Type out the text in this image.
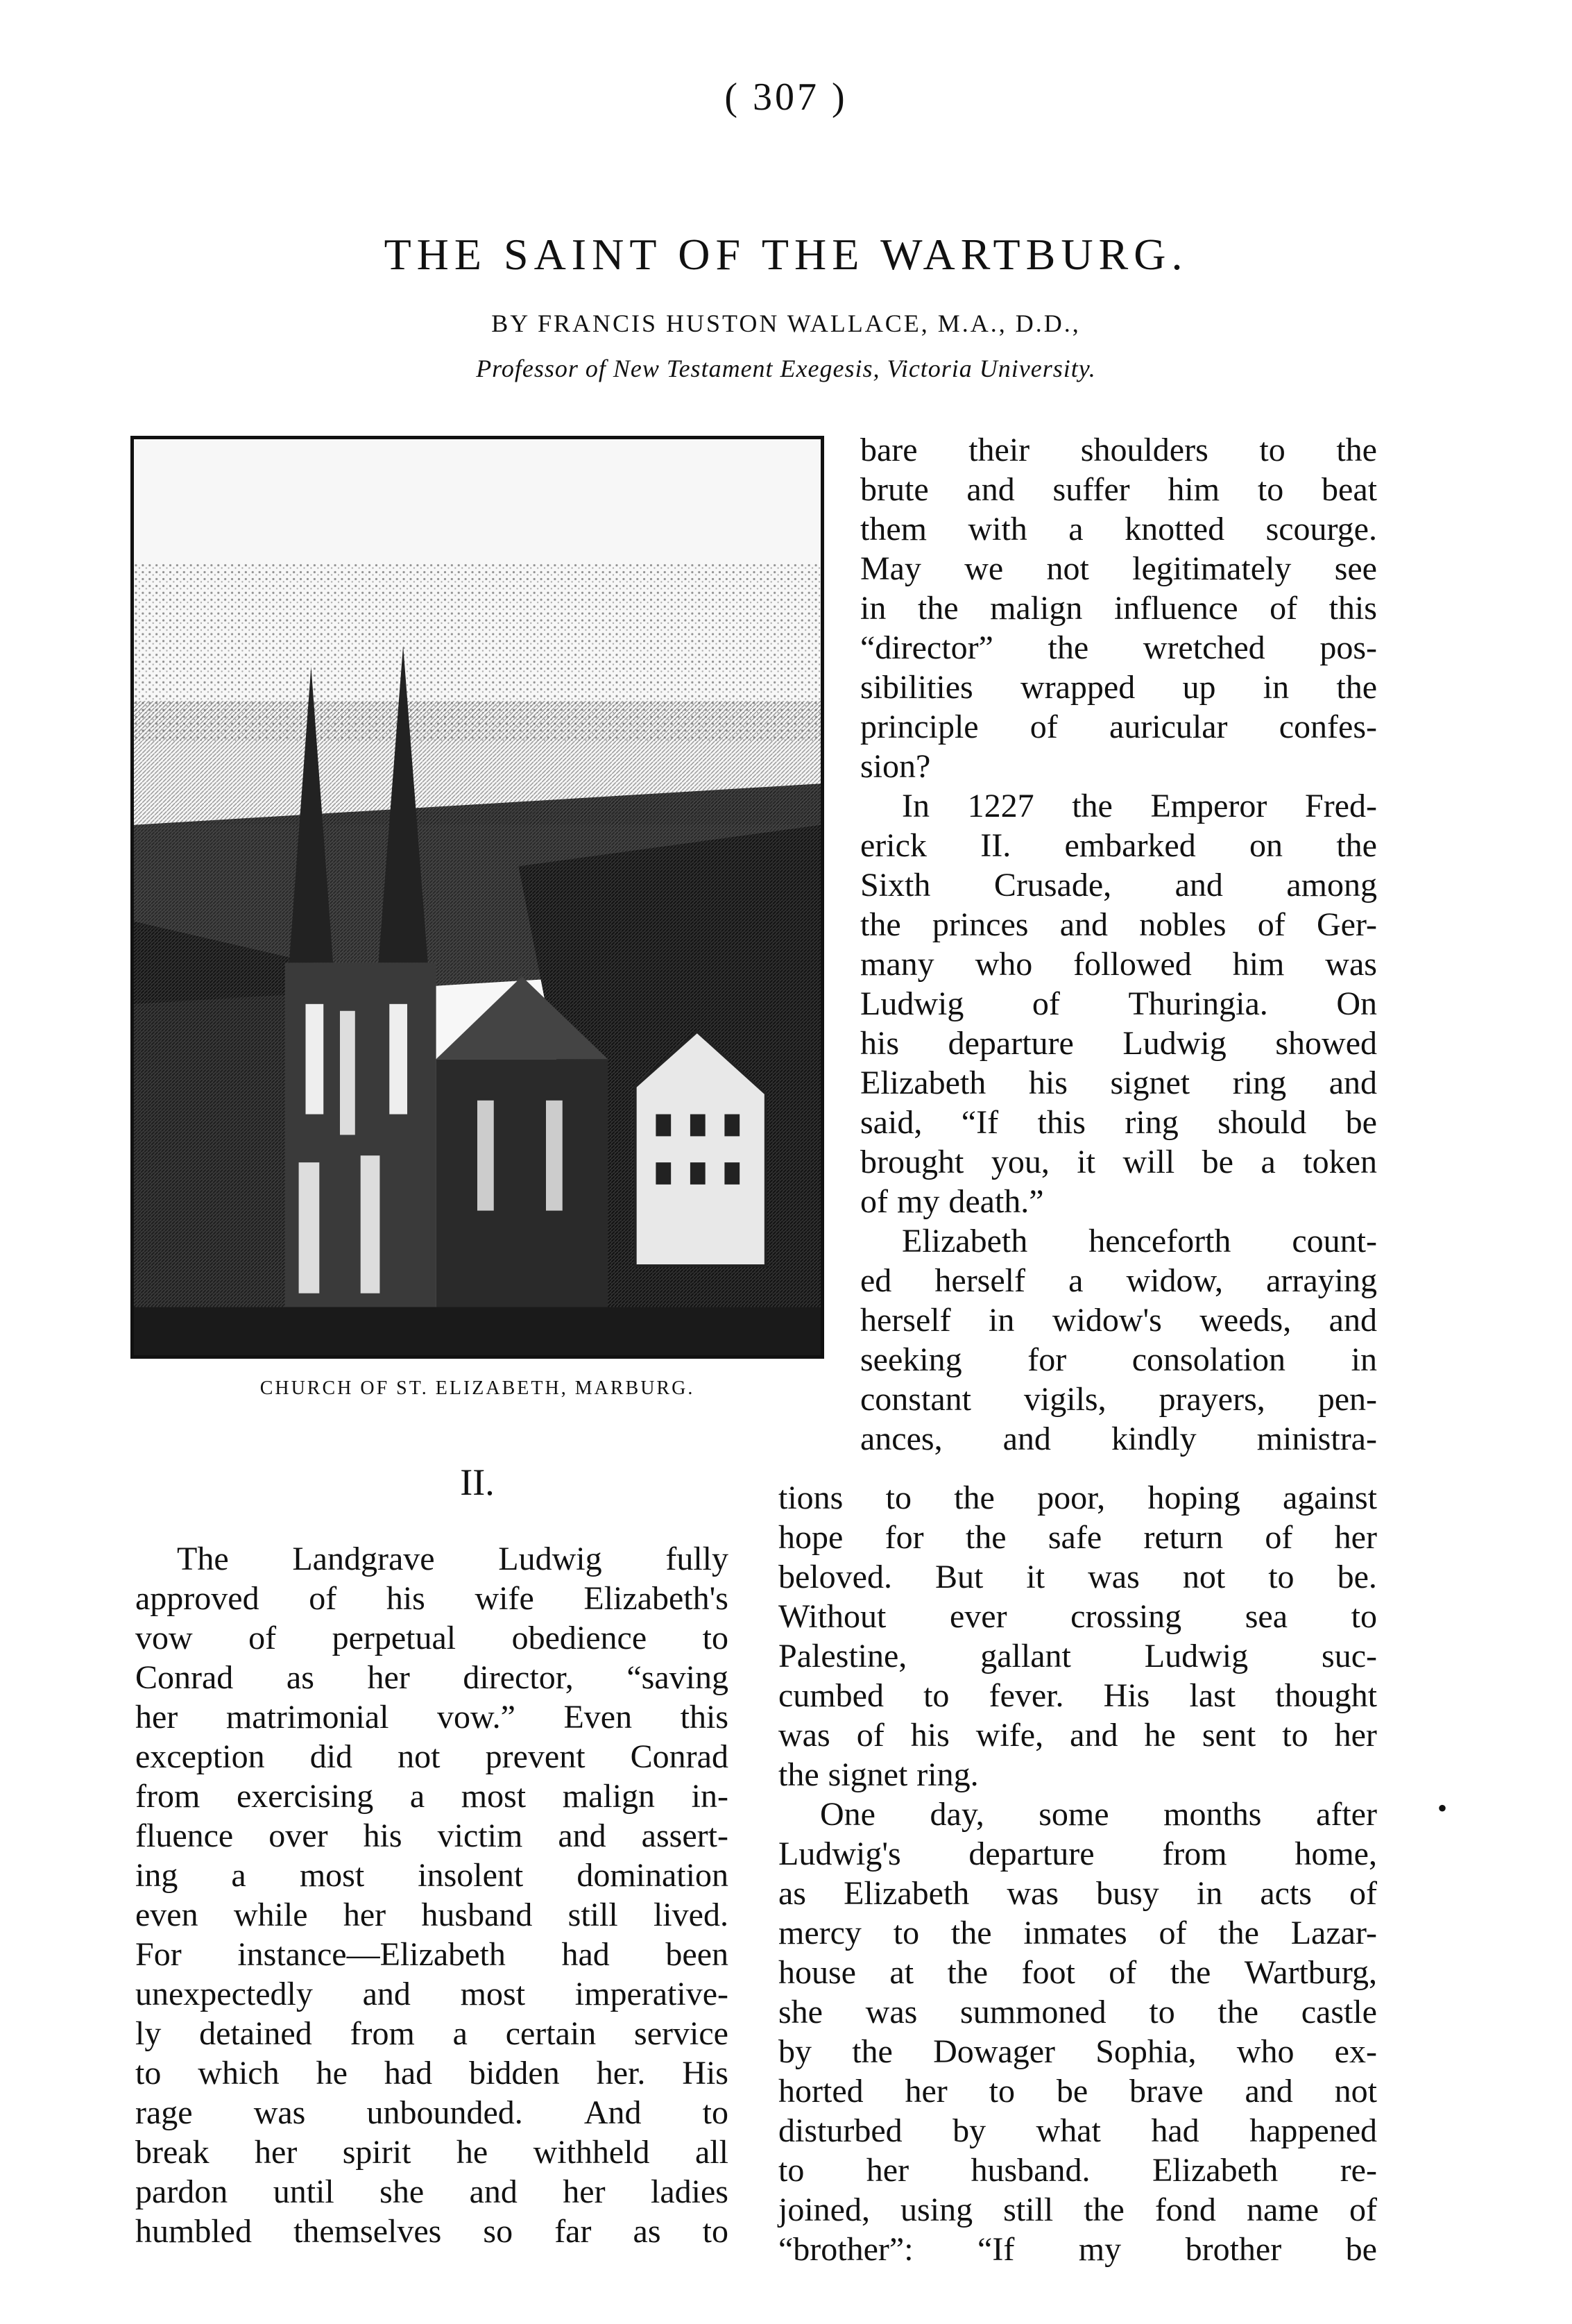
( 307 )
THE SAINT OF THE WARTBURG.
BY FRANCIS HUSTON WALLACE, M.A., D.D.,
Professor of New Testament Exegesis, Victoria University.
CHURCH OF ST. ELIZABETH, MARBURG.
bare their shoulders to the
brute and suffer him to beat
them with a knotted scourge.
May we not legitimately see
in the malign influence of this
“director” the wretched pos-
sibilities wrapped up in the
principle of auricular confes-
sion?
In 1227 the Emperor Fred-
erick II. embarked on the
Sixth Crusade, and among
the princes and nobles of Ger-
many who followed him was
Ludwig of Thuringia. On
his departure Ludwig showed
Elizabeth his signet ring and
said, “If this ring should be
brought you, it will be a token
of my death.”
Elizabeth henceforth count-
ed herself a widow, arraying
herself in widow's weeds, and
seeking for consolation in
constant vigils, prayers, pen-
ances, and kindly ministra-
II.
The Landgrave Ludwig fully
approved of his wife Elizabeth's
vow of perpetual obedience to
Conrad as her director, “saving
her matrimonial vow.” Even this
exception did not prevent Conrad
from exercising a most malign in-
fluence over his victim and assert-
ing a most insolent domination
even while her husband still lived.
For instance—Elizabeth had been
unexpectedly and most imperative-
ly detained from a certain service
to which he had bidden her. His
rage was unbounded. And to
break her spirit he withheld all
pardon until she and her ladies
humbled themselves so far as to
tions to the poor, hoping against
hope for the safe return of her
beloved. But it was not to be.
Without ever crossing sea to
Palestine, gallant Ludwig suc-
cumbed to fever. His last thought
was of his wife, and he sent to her
the signet ring.
One day, some months after
Ludwig's departure from home,
as Elizabeth was busy in acts of
mercy to the inmates of the Lazar-
house at the foot of the Wartburg,
she was summoned to the castle
by the Dowager Sophia, who ex-
horted her to be brave and not
disturbed by what had happened
to her husband. Elizabeth re-
joined, using still the fond name of
“brother”: “If my brother be
•
